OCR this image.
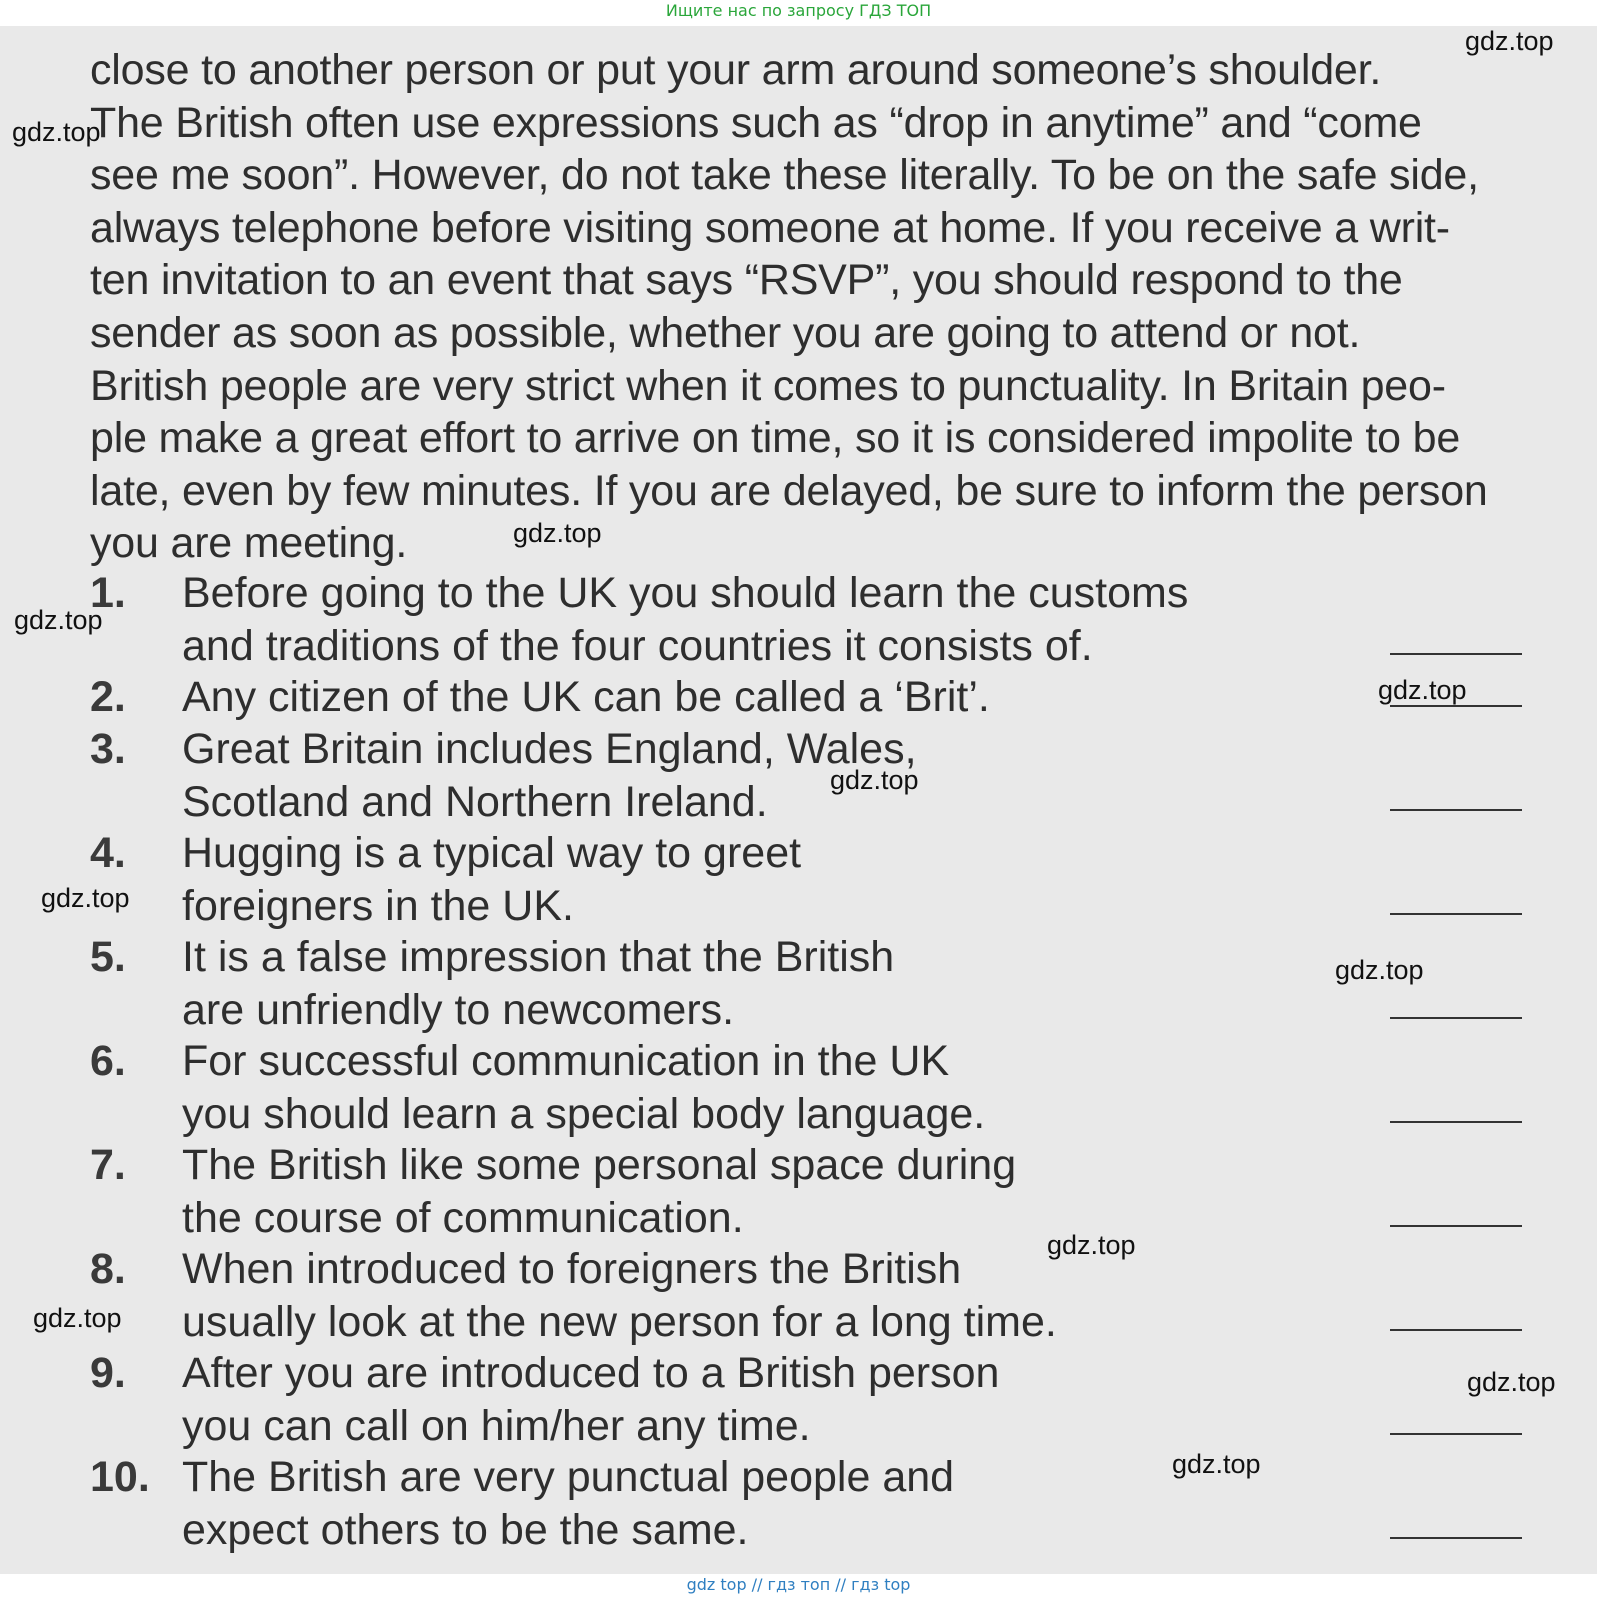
Ищите нас по запросу ГДЗ ТОП
close to another person or put your arm around someone’s shoulder.
The British often use expressions such as “drop in anytime” and “come
see me soon”. However, do not take these literally. To be on the safe side,
always telephone before visiting someone at home. If you receive a writ-
ten invitation to an event that says “RSVP”, you should respond to the
sender as soon as possible, whether you are going to attend or not.
British people are very strict when it comes to punctuality. In Britain peo-
ple make a great effort to arrive on time, so it is considered impolite to be
late, even by few minutes. If you are delayed, be sure to inform the person
you are meeting.
1. Before going to the UK you should learn the customs
and traditions of the four countries it consists of.
2. Any citizen of the UK can be called a ‘Brit’.
3. Great Britain includes England, Wales,
Scotland and Northern Ireland.
4. Hugging is a typical way to greet
foreigners in the UK.
5. It is a false impression that the British
are unfriendly to newcomers.
6. For successful communication in the UK
you should learn a special body language.
7. The British like some personal space during
the course of communication.
8. When introduced to foreigners the British
usually look at the new person for a long time.
9. After you are introduced to a British person
you can call on him/her any time.
10. The British are very punctual people and
expect others to be the same.
gdz.top
gdz.top
gdz.top
gdz.top
gdz.top
gdz.top
gdz.top
gdz.top
gdz.top
gdz.top
gdz.top
gdz.top
gdz top // гдз топ // гдз top
